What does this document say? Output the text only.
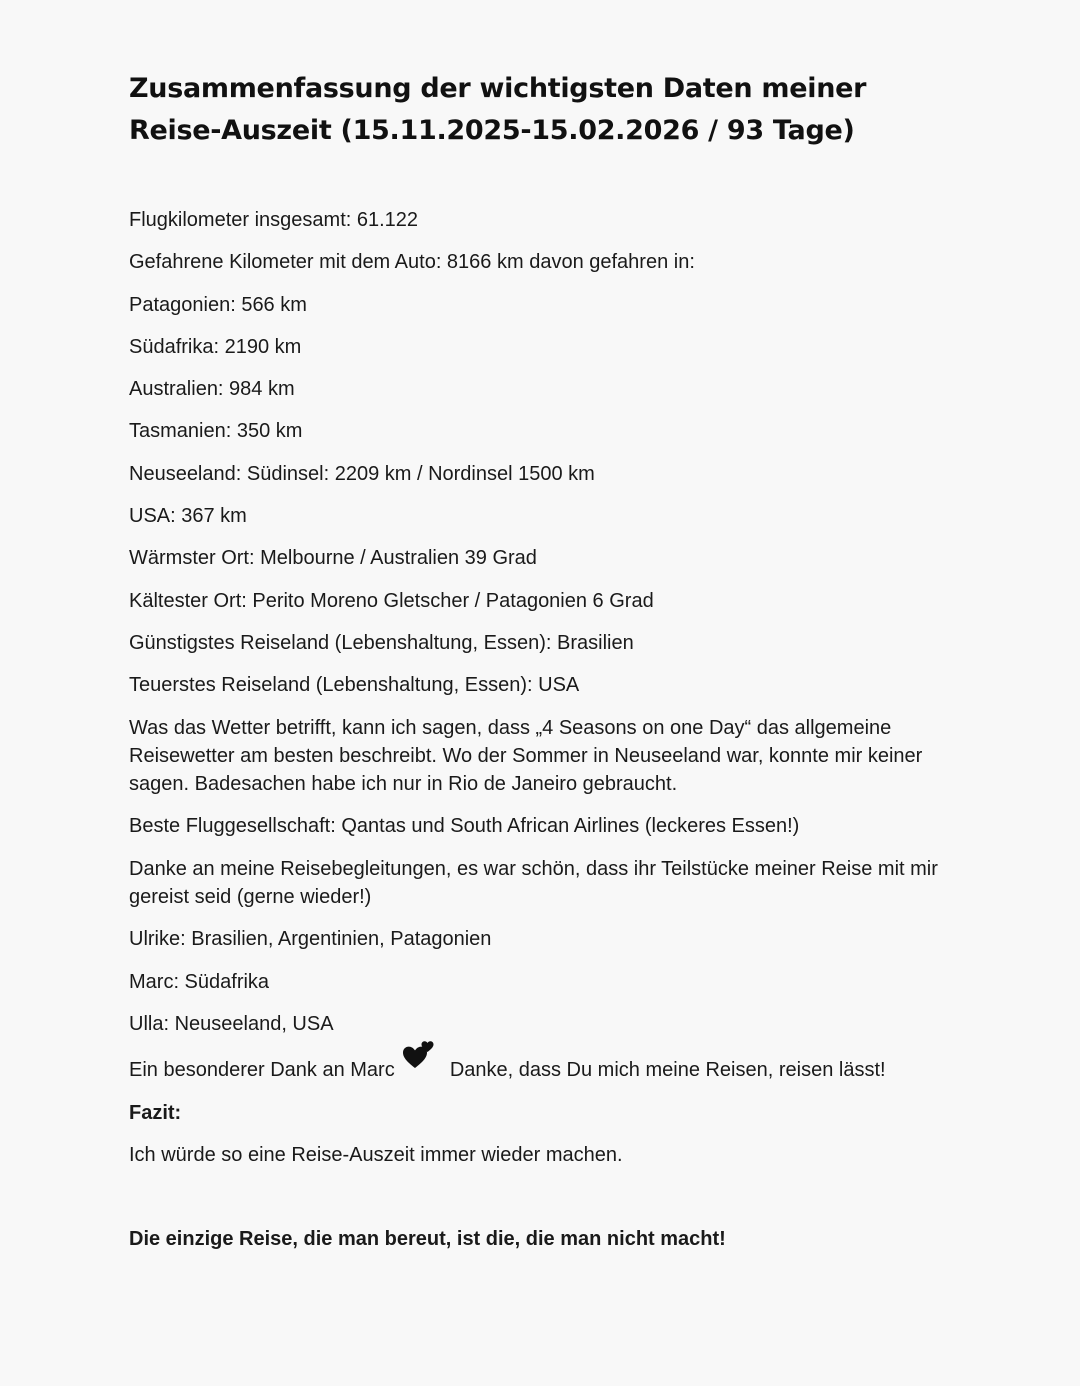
Zusammenfassung der wichtigsten Daten meiner
Reise-Auszeit (15.11.2025-15.02.2026 / 93 Tage)

Flugkilometer insgesamt: 61.122

Gefahrene Kilometer mit dem Auto: 8166 km davon gefahren in:

Patagonien: 566 km

Südafrika: 2190 km

Australien: 984 km

Tasmanien: 350 km

Neuseeland: Südinsel: 2209 km / Nordinsel 1500 km

USA: 367 km

Wärmster Ort: Melbourne / Australien 39 Grad

Kältester Ort: Perito Moreno Gletscher / Patagonien 6 Grad

Günstigstes Reiseland (Lebenshaltung, Essen): Brasilien

Teuerstes Reiseland (Lebenshaltung, Essen): USA

Was das Wetter betrifft, kann ich sagen, dass „4 Seasons on one Day“ das allgemeine Reisewetter am besten beschreibt. Wo der Sommer in Neuseeland war, konnte mir keiner sagen. Badesachen habe ich nur in Rio de Janeiro gebraucht.

Beste Fluggesellschaft: Qantas und South African Airlines (leckeres Essen!)

Danke an meine Reisebegleitungen, es war schön, dass ihr Teilstücke meiner Reise mit mir gereist seid (gerne wieder!)

Ulrike: Brasilien, Argentinien, Patagonien

Marc: Südafrika

Ulla: Neuseeland, USA

Ein besonderer Dank an Marc	Danke, dass Du mich meine Reisen, reisen lässt!

Fazit:

Ich würde so eine Reise-Auszeit immer wieder machen.

Die einzige Reise, die man bereut, ist die, die man nicht macht!
